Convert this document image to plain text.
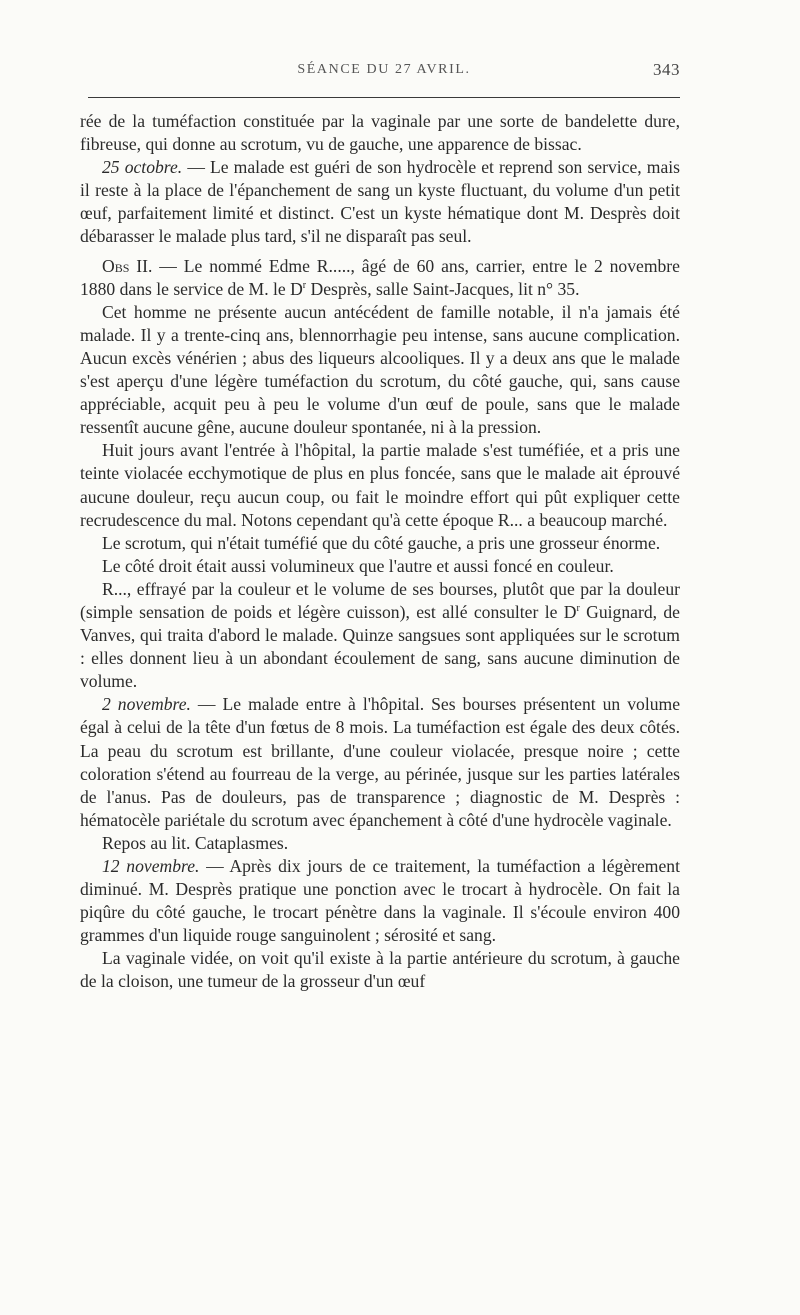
SÉANCE DU 27 AVRIL.	343

rée de la tuméfaction constituée par la vaginale par une sorte de bandelette dure, fibreuse, qui donne au scrotum, vu de gauche, une apparence de bissac.

25 octobre. — Le malade est guéri de son hydrocèle et reprend son service, mais il reste à la place de l'épanchement de sang un kyste fluctuant, du volume d'un petit œuf, parfaitement limité et distinct. C'est un kyste hématique dont M. Desprès doit débarasser le malade plus tard, s'il ne disparaît pas seul.

Obs II. — Le nommé Edme R....., âgé de 60 ans, carrier, entre le 2 novembre 1880 dans le service de M. le $D^r$ Desprès, salle Saint-Jacques, lit n° 35.

Cet homme ne présente aucun antécédent de famille notable, il n'a jamais été malade. Il y a trente-cinq ans, blennorrhagie peu intense, sans aucune complication. Aucun excès vénérien ; abus des liqueurs alcooliques. Il y a deux ans que le malade s'est aperçu d'une légère tuméfaction du scrotum, du côté gauche, qui, sans cause appréciable, acquit peu à peu le volume d'un œuf de poule, sans que le malade ressentît aucune gêne, aucune douleur spontanée, ni à la pression.

Huit jours avant l'entrée à l'hôpital, la partie malade s'est tuméfiée, et a pris une teinte violacée ecchymotique de plus en plus foncée, sans que le malade ait éprouvé aucune douleur, reçu aucun coup, ou fait le moindre effort qui pût expliquer cette recrudescence du mal. Notons cependant qu'à cette époque R... a beaucoup marché.

Le scrotum, qui n'était tuméfié que du côté gauche, a pris une grosseur énorme.

Le côté droit était aussi volumineux que l'autre et aussi foncé en couleur.

R..., effrayé par la couleur et le volume de ses bourses, plutôt que par la douleur (simple sensation de poids et légère cuisson), est allé consulter le $D^r$ Guignard, de Vanves, qui traita d'abord le malade. Quinze sangsues sont appliquées sur le scrotum : elles donnent lieu à un abondant écoulement de sang, sans aucune diminution de volume.

2 novembre. — Le malade entre à l'hôpital. Ses bourses présentent un volume égal à celui de la tête d'un fœtus de 8 mois. La tuméfaction est égale des deux côtés. La peau du scrotum est brillante, d'une couleur violacée, presque noire ; cette coloration s'étend au fourreau de la verge, au périnée, jusque sur les parties latérales de l'anus. Pas de douleurs, pas de transparence ; diagnostic de M. Desprès : hématocèle pariétale du scrotum avec épanchement à côté d'une hydrocèle vaginale.

Repos au lit. Cataplasmes.

12 novembre. — Après dix jours de ce traitement, la tuméfaction a légèrement diminué. M. Desprès pratique une ponction avec le trocart à hydrocèle. On fait la piqûre du côté gauche, le trocart pénètre dans la vaginale. Il s'écoule environ 400 grammes d'un liquide rouge sanguinolent ; sérosité et sang.

La vaginale vidée, on voit qu'il existe à la partie antérieure du scrotum, à gauche de la cloison, une tumeur de la grosseur d'un œuf
